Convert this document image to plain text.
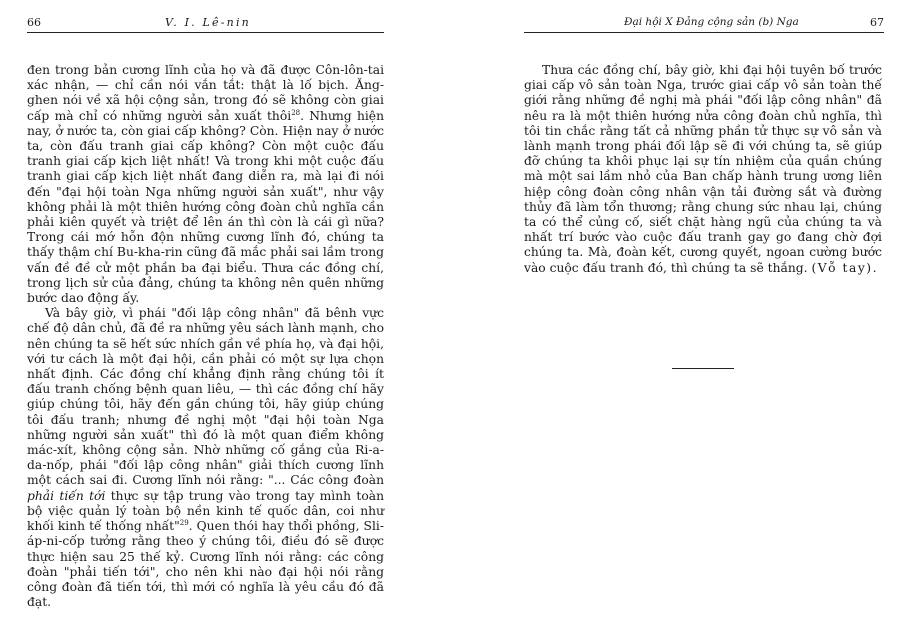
66	V. I. Lê-nin

đen trong bản cương lĩnh của họ và đã được Côn-lôn-tai xác nhận, — chỉ cần nói vắn tắt: thật là lố bịch. Ăng-ghen nói về xã hội cộng sản, trong đó sẽ không còn giai cấp mà chỉ có những người sản xuất thôi$^{28}$. Nhưng hiện nay, ở nước ta, còn giai cấp không? Còn. Hiện nay ở nước ta, còn đấu tranh giai cấp không? Còn một cuộc đấu tranh giai cấp kịch liệt nhất! Và trong khi một cuộc đấu tranh giai cấp kịch liệt nhất đang diễn ra, mà lại đi nói đến "đại hội toàn Nga những người sản xuất", như vậy không phải là một thiên hướng công đoàn chủ nghĩa cần phải kiên quyết và triệt để lên án thì còn là cái gì nữa? Trong cái mớ hỗn độn những cương lĩnh đó, chúng ta thấy thậm chí Bu-kha-rin cũng đã mắc phải sai lầm trong vấn đề đề cử một phần ba đại biểu. Thưa các đồng chí, trong lịch sử của đảng, chúng ta không nên quên những bước dao động ấy.

Và bây giờ, vì phái "đối lập công nhân" đã bênh vực chế độ dân chủ, đã đề ra những yêu sách lành mạnh, cho nên chúng ta sẽ hết sức nhích gần về phía họ, và đại hội, với tư cách là một đại hội, cần phải có một sự lựa chọn nhất định. Các đồng chí khẳng định rằng chúng tôi ít đấu tranh chống bệnh quan liêu, — thì các đồng chí hãy giúp chúng tôi, hãy đến gần chúng tôi, hãy giúp chúng tôi đấu tranh; nhưng đề nghị một "đại hội toàn Nga những người sản xuất" thì đó là một quan điểm không mác-xít, không cộng sản. Nhờ những cố gắng của Ri-a-da-nốp, phái "đối lập công nhân" giải thích cương lĩnh một cách sai đi. Cương lĩnh nói rằng: "... Các công đoàn phải tiến tới thực sự tập trung vào trong tay mình toàn bộ việc quản lý toàn bộ nền kinh tế quốc dân, coi như khối kinh tế thống nhất"$^{29}$. Quen thói hay thổi phồng, Sli-áp-ni-cốp tưởng rằng theo ý chúng tôi, điều đó sẽ được thực hiện sau 25 thế kỷ. Cương lĩnh nói rằng: các công đoàn "phải tiến tới", cho nên khi nào đại hội nói rằng công đoàn đã tiến tới, thì mới có nghĩa là yêu cầu đó đã đạt.

Đại hội X Đảng cộng sản (b) Nga	67

Thưa các đồng chí, bây giờ, khi đại hội tuyên bố trước giai cấp vô sản toàn Nga, trước giai cấp vô sản toàn thế giới rằng những đề nghị mà phái "đối lập công nhân" đã nêu ra là một thiên hướng nửa công đoàn chủ nghĩa, thì tôi tin chắc rằng tất cả những phần tử thực sự vô sản và lành mạnh trong phái đối lập sẽ đi với chúng ta, sẽ giúp đỡ chúng ta khôi phục lại sự tín nhiệm của quần chúng mà một sai lầm nhỏ của Ban chấp hành trung ương liên hiệp công đoàn công nhân vận tải đường sắt và đường thủy đã làm tổn thương; rằng chung sức nhau lại, chúng ta có thể củng cố, siết chặt hàng ngũ của chúng ta và nhất trí bước vào cuộc đấu tranh gay go đang chờ đợi chúng ta. Mà, đoàn kết, cương quyết, ngoan cường bước vào cuộc đấu tranh đó, thì chúng ta sẽ thắng. (Vỗ tay).
